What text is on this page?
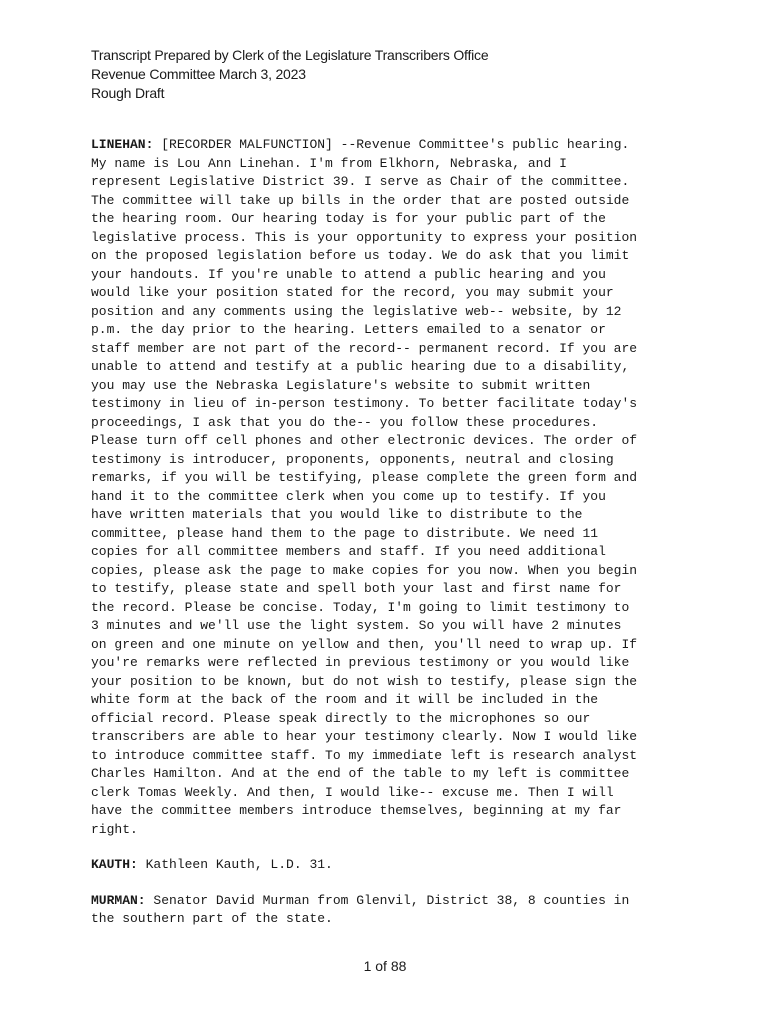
Transcript Prepared by Clerk of the Legislature Transcribers Office
Revenue Committee March 3, 2023
Rough Draft
LINEHAN: [RECORDER MALFUNCTION] --Revenue Committee's public hearing.
My name is Lou Ann Linehan. I'm from Elkhorn, Nebraska, and I
represent Legislative District 39. I serve as Chair of the committee.
The committee will take up bills in the order that are posted outside
the hearing room. Our hearing today is for your public part of the
legislative process. This is your opportunity to express your position
on the proposed legislation before us today. We do ask that you limit
your handouts. If you're unable to attend a public hearing and you
would like your position stated for the record, you may submit your
position and any comments using the legislative web-- website, by 12
p.m. the day prior to the hearing. Letters emailed to a senator or
staff member are not part of the record-- permanent record. If you are
unable to attend and testify at a public hearing due to a disability,
you may use the Nebraska Legislature's website to submit written
testimony in lieu of in-person testimony. To better facilitate today's
proceedings, I ask that you do the-- you follow these procedures.
Please turn off cell phones and other electronic devices. The order of
testimony is introducer, proponents, opponents, neutral and closing
remarks, if you will be testifying, please complete the green form and
hand it to the committee clerk when you come up to testify. If you
have written materials that you would like to distribute to the
committee, please hand them to the page to distribute. We need 11
copies for all committee members and staff. If you need additional
copies, please ask the page to make copies for you now. When you begin
to testify, please state and spell both your last and first name for
the record. Please be concise. Today, I'm going to limit testimony to
3 minutes and we'll use the light system. So you will have 2 minutes
on green and one minute on yellow and then, you'll need to wrap up. If
you're remarks were reflected in previous testimony or you would like
your position to be known, but do not wish to testify, please sign the
white form at the back of the room and it will be included in the
official record. Please speak directly to the microphones so our
transcribers are able to hear your testimony clearly. Now I would like
to introduce committee staff. To my immediate left is research analyst
Charles Hamilton. And at the end of the table to my left is committee
clerk Tomas Weekly. And then, I would like-- excuse me. Then I will
have the committee members introduce themselves, beginning at my far
right.
KAUTH: Kathleen Kauth, L.D. 31.
MURMAN: Senator David Murman from Glenvil, District 38, 8 counties in
the southern part of the state.
1 of 88
